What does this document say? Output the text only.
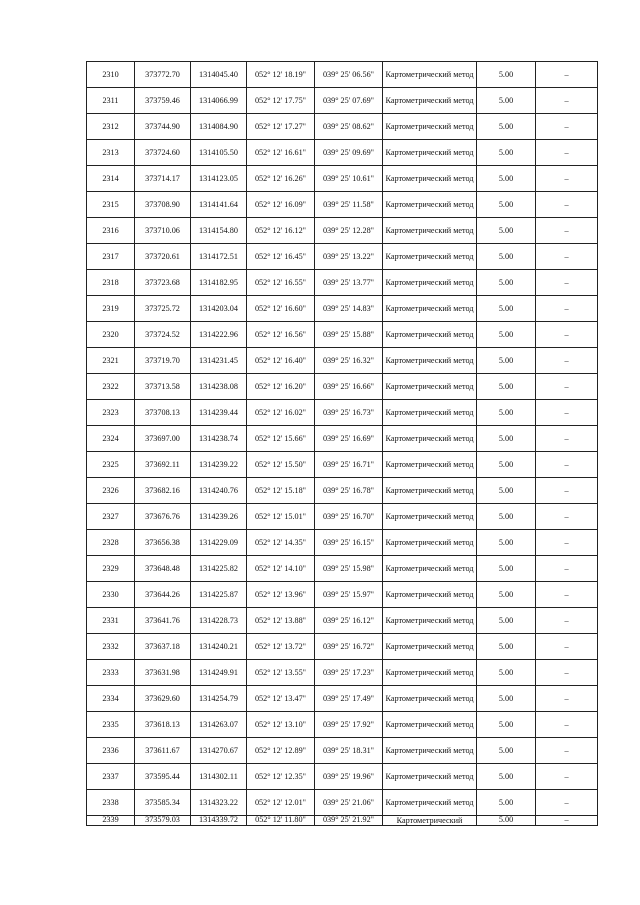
2310	373772.70	1314045.40	052° 12' 18.19"	039° 25' 06.56"	Картометрический метод	5.00	–
2311	373759.46	1314066.99	052° 12' 17.75"	039° 25' 07.69"	Картометрический метод	5.00	–
2312	373744.90	1314084.90	052° 12' 17.27"	039° 25' 08.62"	Картометрический метод	5.00	–
2313	373724.60	1314105.50	052° 12' 16.61"	039° 25' 09.69"	Картометрический метод	5.00	–
2314	373714.17	1314123.05	052° 12' 16.26"	039° 25' 10.61"	Картометрический метод	5.00	–
2315	373708.90	1314141.64	052° 12' 16.09"	039° 25' 11.58"	Картометрический метод	5.00	–
2316	373710.06	1314154.80	052° 12' 16.12"	039° 25' 12.28"	Картометрический метод	5.00	–
2317	373720.61	1314172.51	052° 12' 16.45"	039° 25' 13.22"	Картометрический метод	5.00	–
2318	373723.68	1314182.95	052° 12' 16.55"	039° 25' 13.77"	Картометрический метод	5.00	–
2319	373725.72	1314203.04	052° 12' 16.60"	039° 25' 14.83"	Картометрический метод	5.00	–
2320	373724.52	1314222.96	052° 12' 16.56"	039° 25' 15.88"	Картометрический метод	5.00	–
2321	373719.70	1314231.45	052° 12' 16.40"	039° 25' 16.32"	Картометрический метод	5.00	–
2322	373713.58	1314238.08	052° 12' 16.20"	039° 25' 16.66"	Картометрический метод	5.00	–
2323	373708.13	1314239.44	052° 12' 16.02"	039° 25' 16.73"	Картометрический метод	5.00	–
2324	373697.00	1314238.74	052° 12' 15.66"	039° 25' 16.69"	Картометрический метод	5.00	–
2325	373692.11	1314239.22	052° 12' 15.50"	039° 25' 16.71"	Картометрический метод	5.00	–
2326	373682.16	1314240.76	052° 12' 15.18"	039° 25' 16.78"	Картометрический метод	5.00	–
2327	373676.76	1314239.26	052° 12' 15.01"	039° 25' 16.70"	Картометрический метод	5.00	–
2328	373656.38	1314229.09	052° 12' 14.35"	039° 25' 16.15"	Картометрический метод	5.00	–
2329	373648.48	1314225.82	052° 12' 14.10"	039° 25' 15.98"	Картометрический метод	5.00	–
2330	373644.26	1314225.87	052° 12' 13.96"	039° 25' 15.97"	Картометрический метод	5.00	–
2331	373641.76	1314228.73	052° 12' 13.88"	039° 25' 16.12"	Картометрический метод	5.00	–
2332	373637.18	1314240.21	052° 12' 13.72"	039° 25' 16.72"	Картометрический метод	5.00	–
2333	373631.98	1314249.91	052° 12' 13.55"	039° 25' 17.23"	Картометрический метод	5.00	–
2334	373629.60	1314254.79	052° 12' 13.47"	039° 25' 17.49"	Картометрический метод	5.00	–
2335	373618.13	1314263.07	052° 12' 13.10"	039° 25' 17.92"	Картометрический метод	5.00	–
2336	373611.67	1314270.67	052° 12' 12.89"	039° 25' 18.31"	Картометрический метод	5.00	–
2337	373595.44	1314302.11	052° 12' 12.35"	039° 25' 19.96"	Картометрический метод	5.00	–
2338	373585.34	1314323.22	052° 12' 12.01"	039° 25' 21.06"	Картометрический метод	5.00	–
2339	373579.03	1314339.72	052° 12' 11.80"	039° 25' 21.92"	Картометрический	5.00	–
